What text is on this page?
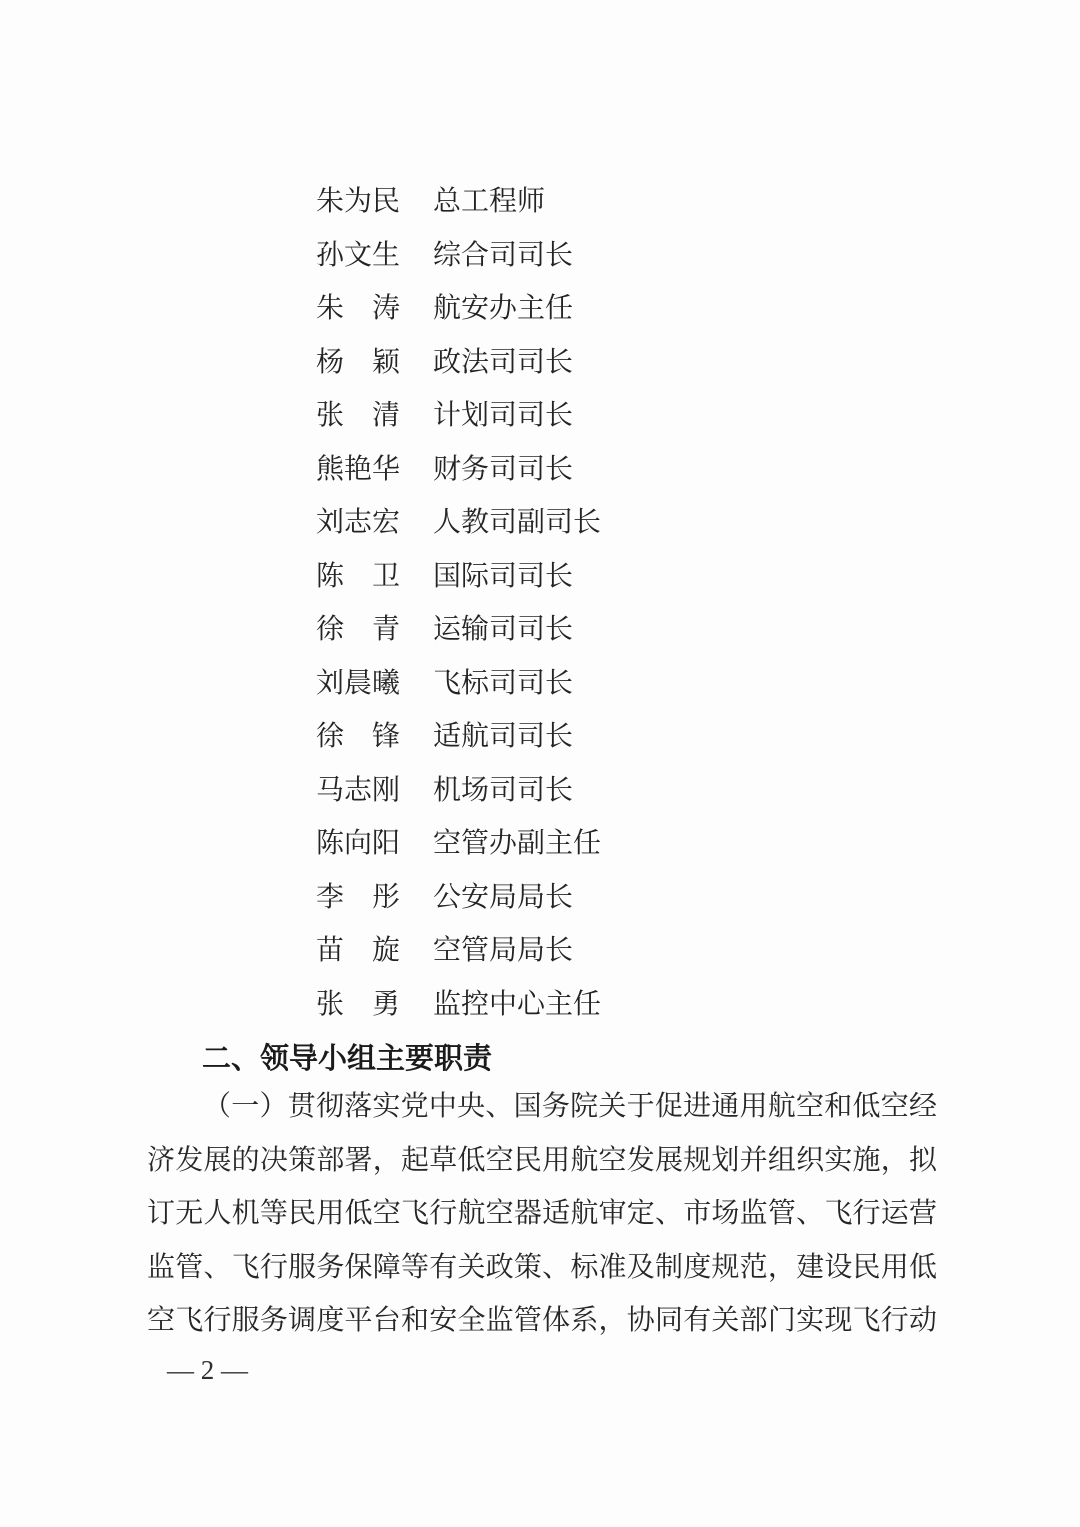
朱为民 总工程师
孙文生 综合司司长
朱涛 航安办主任
杨颖 政法司司长
张清 计划司司长
熊艳华 财务司司长
刘志宏 人教司副司长
陈卫 国际司司长
徐青 运输司司长
刘晨曦 飞标司司长
徐锋 适航司司长
马志刚 机场司司长
陈向阳 空管办副主任
李彤 公安局局长
苗旋 空管局局长
张勇 监控中心主任
二、领导小组主要职责
（一）贯彻落实党中央、国务院关于促进通用航空和低空经
济发展的决策部署，起草低空民用航空发展规划并组织实施，拟
订无人机等民用低空飞行航空器适航审定、市场监管、飞行运营
监管、飞行服务保障等有关政策、标准及制度规范，建设民用低
空飞行服务调度平台和安全监管体系，协同有关部门实现飞行动
— 2 —
